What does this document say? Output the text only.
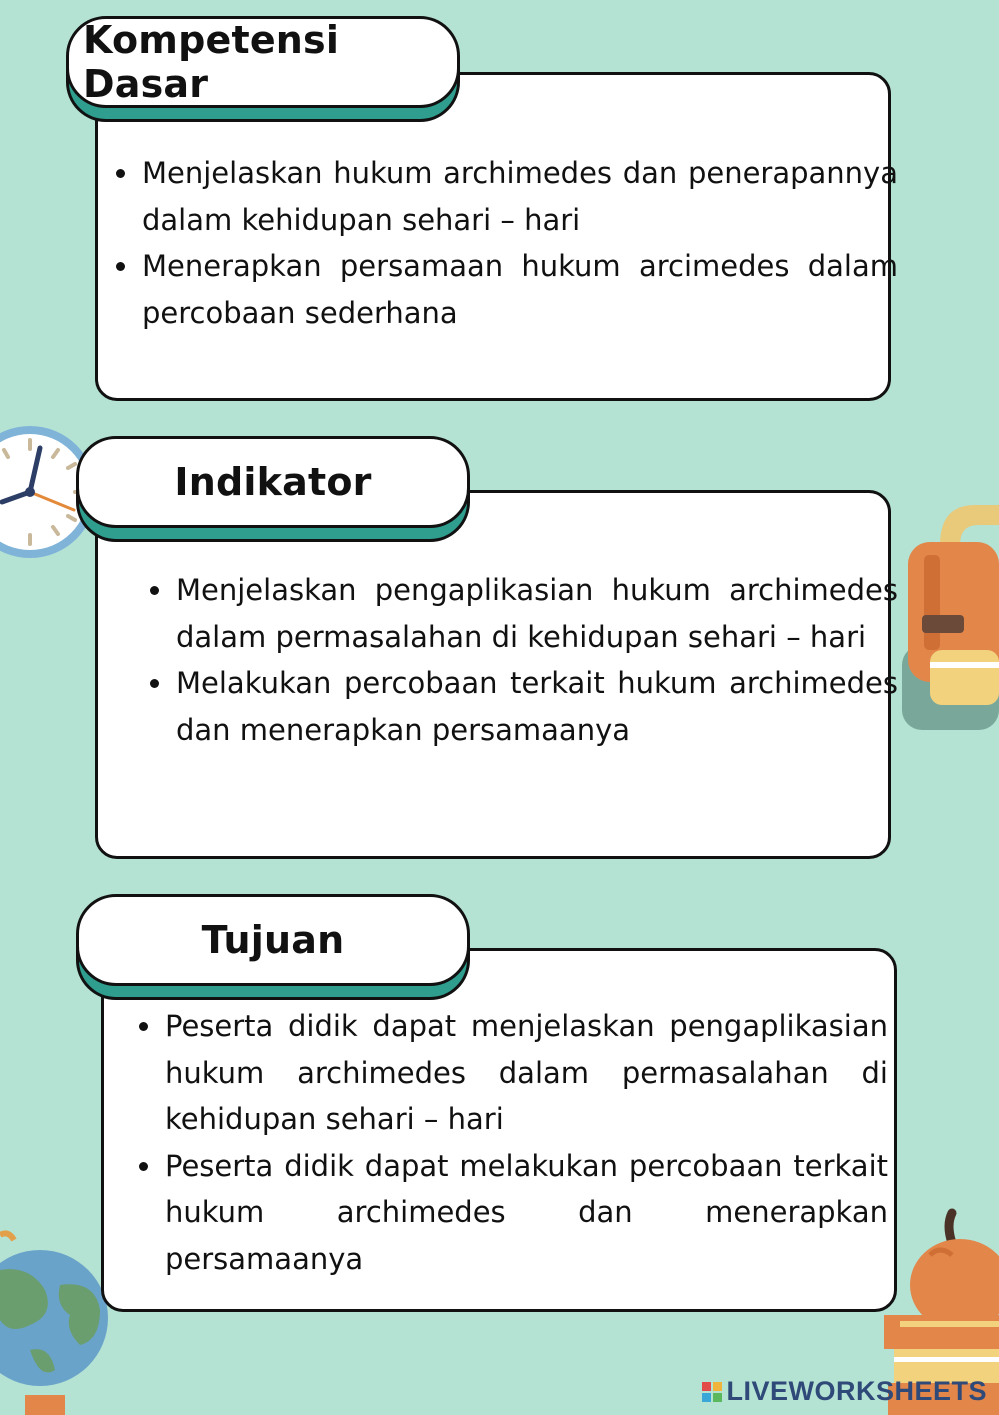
Menjelaskan hukum archimedes dan penerapannya dalam kehidupan sehari – hari
Menerapkan persamaan hukum arcimedes dalam percobaan sederhana
Kompetensi Dasar
Menjelaskan pengaplikasian hukum archimedes dalam permasalahan di kehidupan sehari – hari
Melakukan percobaan terkait hukum archimedes dan menerapkan persamaanya
Indikator
Peserta didik dapat menjelaskan pengaplikasian hukum archimedes dalam permasalahan di kehidupan sehari – hari
Peserta didik dapat melakukan percobaan terkait hukum archimedes dan menerapkan persamaanya
Tujuan
LIVEWORKSHEETS
